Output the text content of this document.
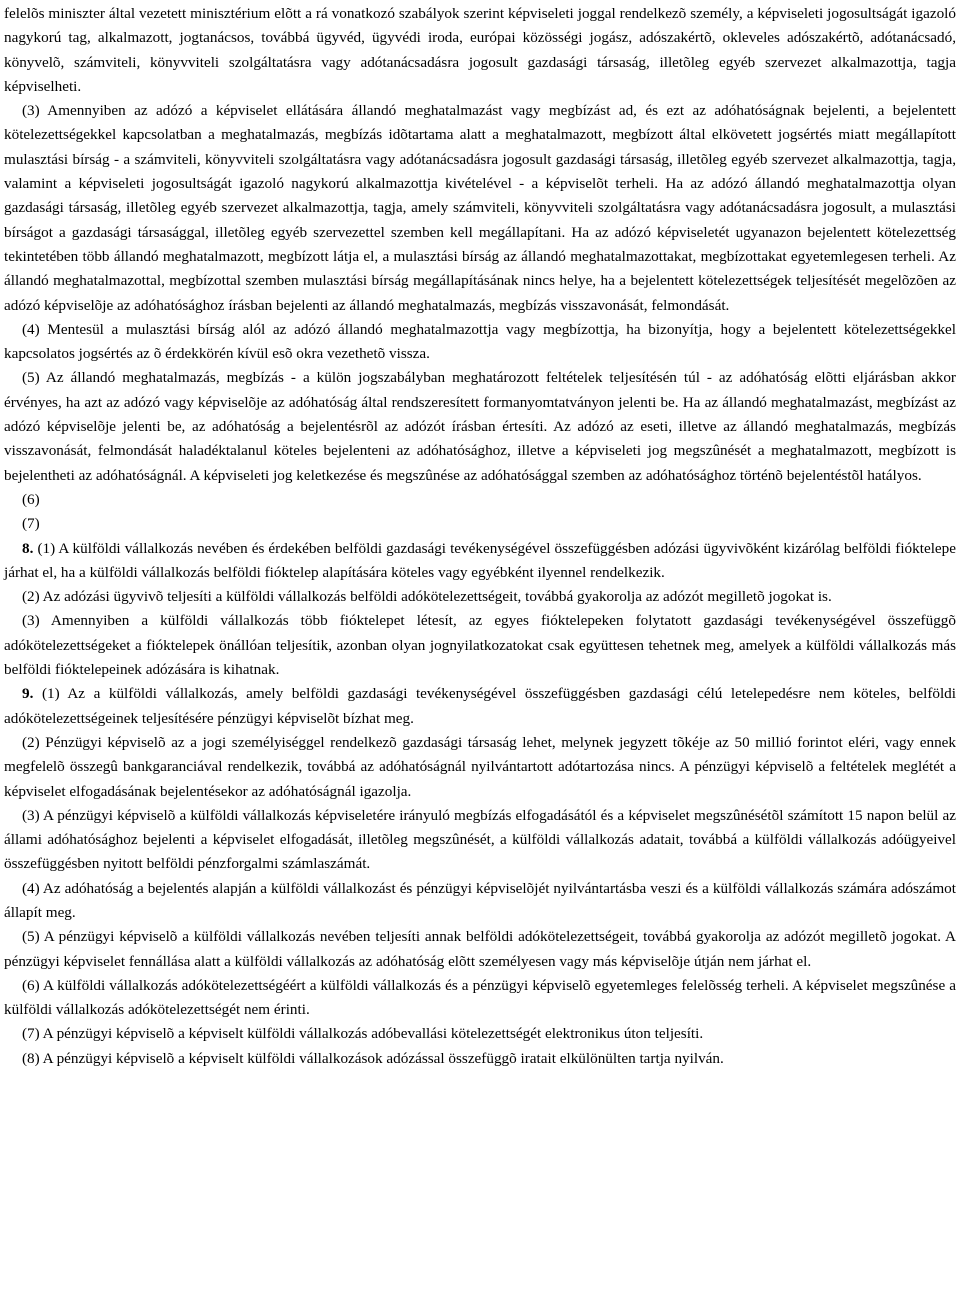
felelõs miniszter által vezetett minisztérium elõtt a rá vonatkozó szabályok szerint képviseleti joggal rendelkezõ személy, a képviseleti jogosultságát igazoló nagykorú tag, alkalmazott, jogtanácsos, továbbá ügyvéd, ügyvédi iroda, európai közösségi jogász, adószakértõ, okleveles adószakértõ, adótanácsadó, könyvelõ, számviteli, könyvviteli szolgáltatásra vagy adótanácsadásra jogosult gazdasági társaság, illetõleg egyéb szervezet alkalmazottja, tagja képviselheti.

(3) Amennyiben az adózó a képviselet ellátására állandó meghatalmazást vagy megbízást ad, és ezt az adóhatóságnak bejelenti, a bejelentett kötelezettségekkel kapcsolatban a meghatalmazás, megbízás idõtartama alatt a meghatalmazott, megbízott által elkövetett jogsértés miatt megállapított mulasztási bírság - a számviteli, könyvviteli szolgáltatásra vagy adótanácsadásra jogosult gazdasági társaság, illetõleg egyéb szervezet alkalmazottja, tagja, valamint a képviseleti jogosultságát igazoló nagykorú alkalmazottja kivételével - a képviselõt terheli. Ha az adózó állandó meghatalmazottja olyan gazdasági társaság, illetõleg egyéb szervezet alkalmazottja, tagja, amely számviteli, könyvviteli szolgáltatásra vagy adótanácsadásra jogosult, a mulasztási bírságot a gazdasági társasággal, illetõleg egyéb szervezettel szemben kell megállapítani. Ha az adózó képviseletét ugyanazon bejelentett kötelezettség tekintetében több állandó meghatalmazott, megbízott látja el, a mulasztási bírság az állandó meghatalmazottakat, megbízottakat egyetemlegesen terheli. Az állandó meghatalmazottal, megbízottal szemben mulasztási bírság megállapításának nincs helye, ha a bejelentett kötelezettségek teljesítését megelõzõen az adózó képviselõje az adóhatósághoz írásban bejelenti az állandó meghatalmazás, megbízás visszavonását, felmondását.

(4) Mentesül a mulasztási bírság alól az adózó állandó meghatalmazottja vagy megbízottja, ha bizonyítja, hogy a bejelentett kötelezettségekkel kapcsolatos jogsértés az õ érdekkörén kívül esõ okra vezethetõ vissza.

(5) Az állandó meghatalmazás, megbízás - a külön jogszabályban meghatározott feltételek teljesítésén túl - az adóhatóság elõtti eljárásban akkor érvényes, ha azt az adózó vagy képviselõje az adóhatóság által rendszeresített formanyomtatványon jelenti be. Ha az állandó meghatalmazást, megbízást az adózó képviselõje jelenti be, az adóhatóság a bejelentésrõl az adózót írásban értesíti. Az adózó az eseti, illetve az állandó meghatalmazás, megbízás visszavonását, felmondását haladéktalanul köteles bejelenteni az adóhatósághoz, illetve a képviseleti jog megszûnését a meghatalmazott, megbízott is bejelentheti az adóhatóságnál. A képviseleti jog keletkezése és megszûnése az adóhatósággal szemben az adóhatósághoz történõ bejelentéstõl hatályos.

(6)

(7)

8. (1) A külföldi vállalkozás nevében és érdekében belföldi gazdasági tevékenységével összefüggésben adózási ügyvivõként kizárólag belföldi fióktelepe járhat el, ha a külföldi vállalkozás belföldi fióktelep alapítására köteles vagy egyébként ilyennel rendelkezik.

(2) Az adózási ügyvivõ teljesíti a külföldi vállalkozás belföldi adókötelezettségeit, továbbá gyakorolja az adózót megilletõ jogokat is.

(3) Amennyiben a külföldi vállalkozás több fióktelepet létesít, az egyes fióktelepeken folytatott gazdasági tevékenységével összefüggõ adókötelezettségeket a fióktelepek önállóan teljesítik, azonban olyan jognyilatkozatokat csak együttesen tehetnek meg, amelyek a külföldi vállalkozás más belföldi fióktelepeinek adózására is kihatnak.

9. (1) Az a külföldi vállalkozás, amely belföldi gazdasági tevékenységével összefüggésben gazdasági célú letelepedésre nem köteles, belföldi adókötelezettségeinek teljesítésére pénzügyi képviselõt bízhat meg.

(2) Pénzügyi képviselõ az a jogi személyiséggel rendelkezõ gazdasági társaság lehet, melynek jegyzett tõkéje az 50 millió forintot eléri, vagy ennek megfelelõ összegû bankgaranciával rendelkezik, továbbá az adóhatóságnál nyilvántartott adótartozása nincs. A pénzügyi képviselõ a feltételek meglétét a képviselet elfogadásának bejelentésekor az adóhatóságnál igazolja.

(3) A pénzügyi képviselõ a külföldi vállalkozás képviseletére irányuló megbízás elfogadásától és a képviselet megszûnésétõl számított 15 napon belül az állami adóhatósághoz bejelenti a képviselet elfogadását, illetõleg megszûnését, a külföldi vállalkozás adatait, továbbá a külföldi vállalkozás adóügyeivel összefüggésben nyitott belföldi pénzforgalmi számlaszámát.

(4) Az adóhatóság a bejelentés alapján a külföldi vállalkozást és pénzügyi képviselõjét nyilvántartásba veszi és a külföldi vállalkozás számára adószámot állapít meg.

(5) A pénzügyi képviselõ a külföldi vállalkozás nevében teljesíti annak belföldi adókötelezettségeit, továbbá gyakorolja az adózót megilletõ jogokat. A pénzügyi képviselet fennállása alatt a külföldi vállalkozás az adóhatóság elõtt személyesen vagy más képviselõje útján nem járhat el.

(6) A külföldi vállalkozás adókötelezettségéért a külföldi vállalkozás és a pénzügyi képviselõ egyetemleges felelõsség terheli. A képviselet megszûnése a külföldi vállalkozás adókötelezettségét nem érinti.

(7) A pénzügyi képviselõ a képviselt külföldi vállalkozás adóbevallási kötelezettségét elektronikus úton teljesíti.

(8) A pénzügyi képviselõ a képviselt külföldi vállalkozások adózással összefüggõ iratait elkülönülten tartja nyilván.
